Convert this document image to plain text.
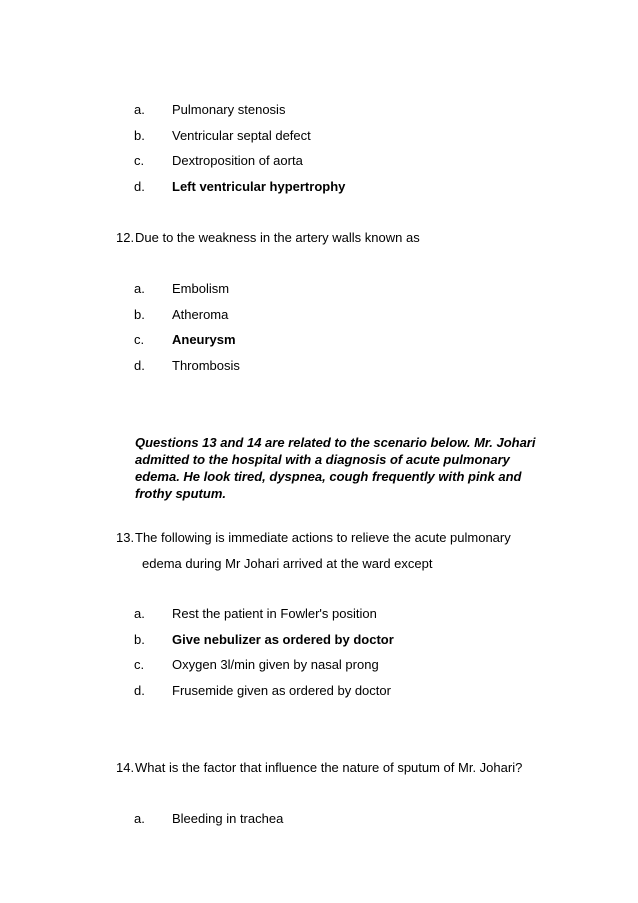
a. Pulmonary stenosis
b. Ventricular septal defect
c. Dextroposition of aorta
d. Left ventricular hypertrophy
12.Due to the weakness in the artery walls known as
a. Embolism
b. Atheroma
c. Aneurysm
d. Thrombosis
Questions 13 and 14 are related to the scenario below. Mr. Johari
admitted to the hospital with a diagnosis of acute pulmonary
edema. He look tired, dyspnea, cough frequently with pink and
frothy sputum.
13.The following is immediate actions to relieve the acute pulmonary
edema during Mr Johari arrived at the ward except
a. Rest the patient in Fowler's position
b. Give nebulizer as ordered by doctor
c. Oxygen 3l/min given by nasal prong
d. Frusemide given as ordered by doctor
14.What is the factor that influence the nature of sputum of Mr. Johari?
a. Bleeding in trachea
